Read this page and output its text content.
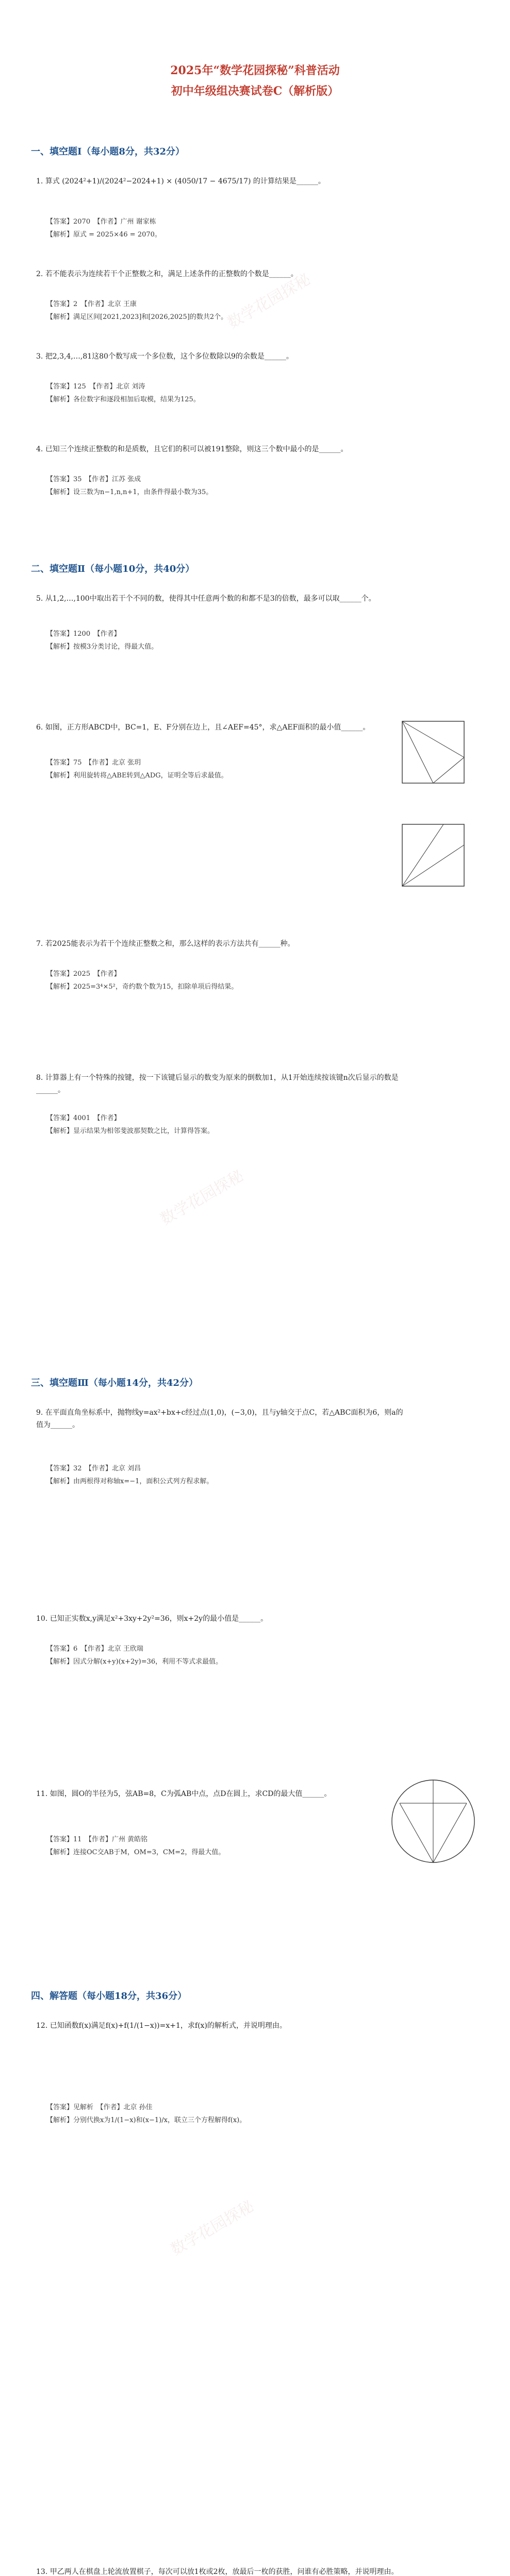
2025年“数学花园探秘”科普活动
初中年级组决赛试卷C（解析版）
一、填空题Ⅰ（每小题8分，共32分）
1. 算式 (2024²+1)/(2024²−2024+1) × (4050/17 − 4675/17) 的计算结果是______。
【答案】2070　【作者】广州 谢家栋
【解析】原式 = 2025×46 = 2070。
2. 若不能表示为连续若干个正整数之和，满足上述条件的正整数的个数是______。
【答案】2　【作者】北京 王康
【解析】满足区间[2021,2023]和[2026,2025]的数共2个。
3. 把2,3,4,…,81这80个数写成一个多位数，这个多位数除以9的余数是______。
【答案】125　【作者】北京 刘涛
【解析】各位数字和逐段相加后取模，结果为125。
4. 已知三个连续正整数的和是质数，且它们的积可以被191整除，则这三个数中最小的是______。
【答案】35　【作者】江苏 张成
【解析】设三数为n−1,n,n+1，由条件得最小数为35。
二、填空题Ⅱ（每小题10分，共40分）
5. 从1,2,…,100中取出若干个不同的数，使得其中任意两个数的和都不是3的倍数，最多可以取______个。
【答案】1200　【作者】
【解析】按模3分类讨论，得最大值。
6. 如图，正方形ABCD中，BC=1，E、F分别在边上，且∠AEF=45°，求△AEF面积的最小值______。
【答案】75　【作者】北京 张玥
【解析】利用旋转将△ABE转到△ADG，证明全等后求最值。
7. 若2025能表示为若干个连续正整数之和，那么这样的表示方法共有______种。
【答案】2025　【作者】
【解析】2025=3⁴×5²，奇约数个数为15，扣除单项后得结果。
8. 计算器上有一个特殊的按键，按一下该键后显示的数变为原来的倒数加1，从1开始连续按该键n次后显示的数是______。
【答案】4001　【作者】
【解析】显示结果为相邻斐波那契数之比，计算得答案。
三、填空题Ⅲ（每小题14分，共42分）
9. 在平面直角坐标系中，抛物线y=ax²+bx+c经过点(1,0)，(−3,0)，且与y轴交于点C，若△ABC面积为6，则a的值为______。
【答案】32　【作者】北京 刘昌
【解析】由两根得对称轴x=−1，面积公式列方程求解。
10. 已知正实数x,y满足x²+3xy+2y²=36，则x+2y的最小值是______。
【答案】6　【作者】北京 王欣瑞
【解析】因式分解(x+y)(x+2y)=36，利用不等式求最值。
11. 如图，圆O的半径为5，弦AB=8，C为弧AB中点，点D在圆上，求CD的最大值______。
【答案】11　【作者】广州 黄皓铭
【解析】连接OC交AB于M，OM=3，CM=2，得最大值。
四、解答题（每小题18分，共36分）
12. 已知函数f(x)满足f(x)+f(1/(1−x))=x+1，求f(x)的解析式，并说明理由。
【答案】见解析　【作者】北京 孙佳
【解析】分别代换x为1/(1−x)和(x−1)/x，联立三个方程解得f(x)。
13. 甲乙两人在棋盘上轮流放置棋子，每次可以放1枚或2枚，放最后一枚的获胜，问谁有必胜策略，并说明理由。
数学花园探秘
数学花园探秘
数学花园探秘
